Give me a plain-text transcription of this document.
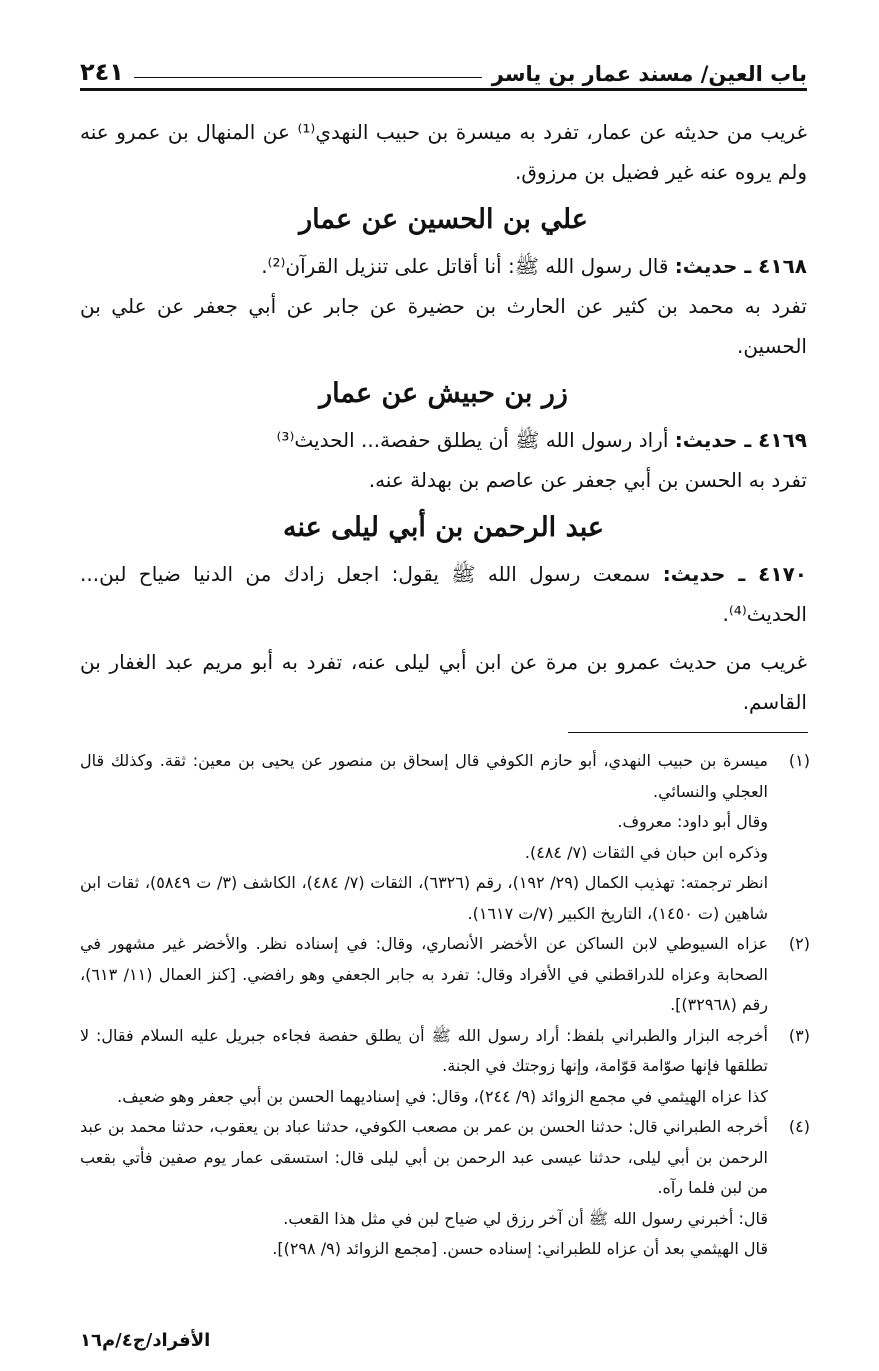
باب العين/ مسند عمار بن ياسر
٢٤١

غريب من حديثه عن عمار، تفرد به ميسرة بن حبيب النهدي⁽¹⁾ عن المنهال بن عمرو عنه ولم يروه عنه غير فضيل بن مرزوق.

علي بن الحسين عن عمار

٤١٦٨ ـ حديث: قال رسول الله ﷺ: أنا أقاتل على تنزيل القرآن⁽²⁾.

تفرد به محمد بن كثير عن الحارث بن حضيرة عن جابر عن أبي جعفر عن علي بن الحسين.

زر بن حبيش عن عمار

٤١٦٩ ـ حديث: أراد رسول الله ﷺ أن يطلق حفصة... الحديث⁽³⁾

تفرد به الحسن بن أبي جعفر عن عاصم بن بهدلة عنه.

عبد الرحمن بن أبي ليلى عنه

٤١٧٠ ـ حديث: سمعت رسول الله ﷺ يقول: اجعل زادك من الدنيا ضياح لبن... الحديث⁽⁴⁾.

غريب من حديث عمرو بن مرة عن ابن أبي ليلى عنه، تفرد به أبو مريم عبد الغفار بن القاسم.

(١)

ميسرة بن حبيب النهدي، أبو حازم الكوفي قال إسحاق بن منصور عن يحيى بن معين: ثقة. وكذلك قال العجلي والنسائي.

وقال أبو داود: معروف.

وذكره ابن حبان في الثقات (٧/ ٤٨٤).

انظر ترجمته: تهذيب الكمال (٢٩/ ١٩٢)، رقم (٦٣٢٦)، الثقات (٧/ ٤٨٤)، الكاشف (٣/ ت ٥٨٤٩)، ثقات ابن شاهين (ت ١٤٥٠)، التاريخ الكبير (٧/ت ١٦١٧).

(٢)

عزاه السيوطي لابن الساكن عن الأخضر الأنصاري، وقال: في إسناده نظر. والأخضر غير مشهور في الصحابة وعزاه للدراقطني في الأفراد وقال: تفرد به جابر الجعفي وهو رافضي. [كنز العمال (١١/ ٦١٣)، رقم (٣٢٩٦٨)].

(٣)

أخرجه البزار والطبراني بلفظ: أراد رسول الله ﷺ أن يطلق حفصة فجاءه جبريل عليه السلام فقال: لا تطلقها فإنها صوّامة قوّامة، وإنها زوجتك في الجنة.

كذا عزاه الهيثمي في مجمع الزوائد (٩/ ٢٤٤)، وقال: في إسناديهما الحسن بن أبي جعفر وهو ضعيف.

(٤)

أخرجه الطبراني قال: حدثنا الحسن بن عمر بن مصعب الكوفي، حدثنا عباد بن يعقوب، حدثنا محمد بن عبد الرحمن بن أبي ليلى، حدثنا عيسى عبد الرحمن بن أبي ليلى قال: استسقى عمار يوم صفين فأتي بقعب من لبن فلما رآه.

قال: أخبرني رسول الله ﷺ أن آخر رزق لي ضياح لبن في مثل هذا القعب.

قال الهيثمي بعد أن عزاه للطبراني: إسناده حسن. [مجمع الزوائد (٩/ ٢٩٨)].

الأفراد/ج٤/م١٦
